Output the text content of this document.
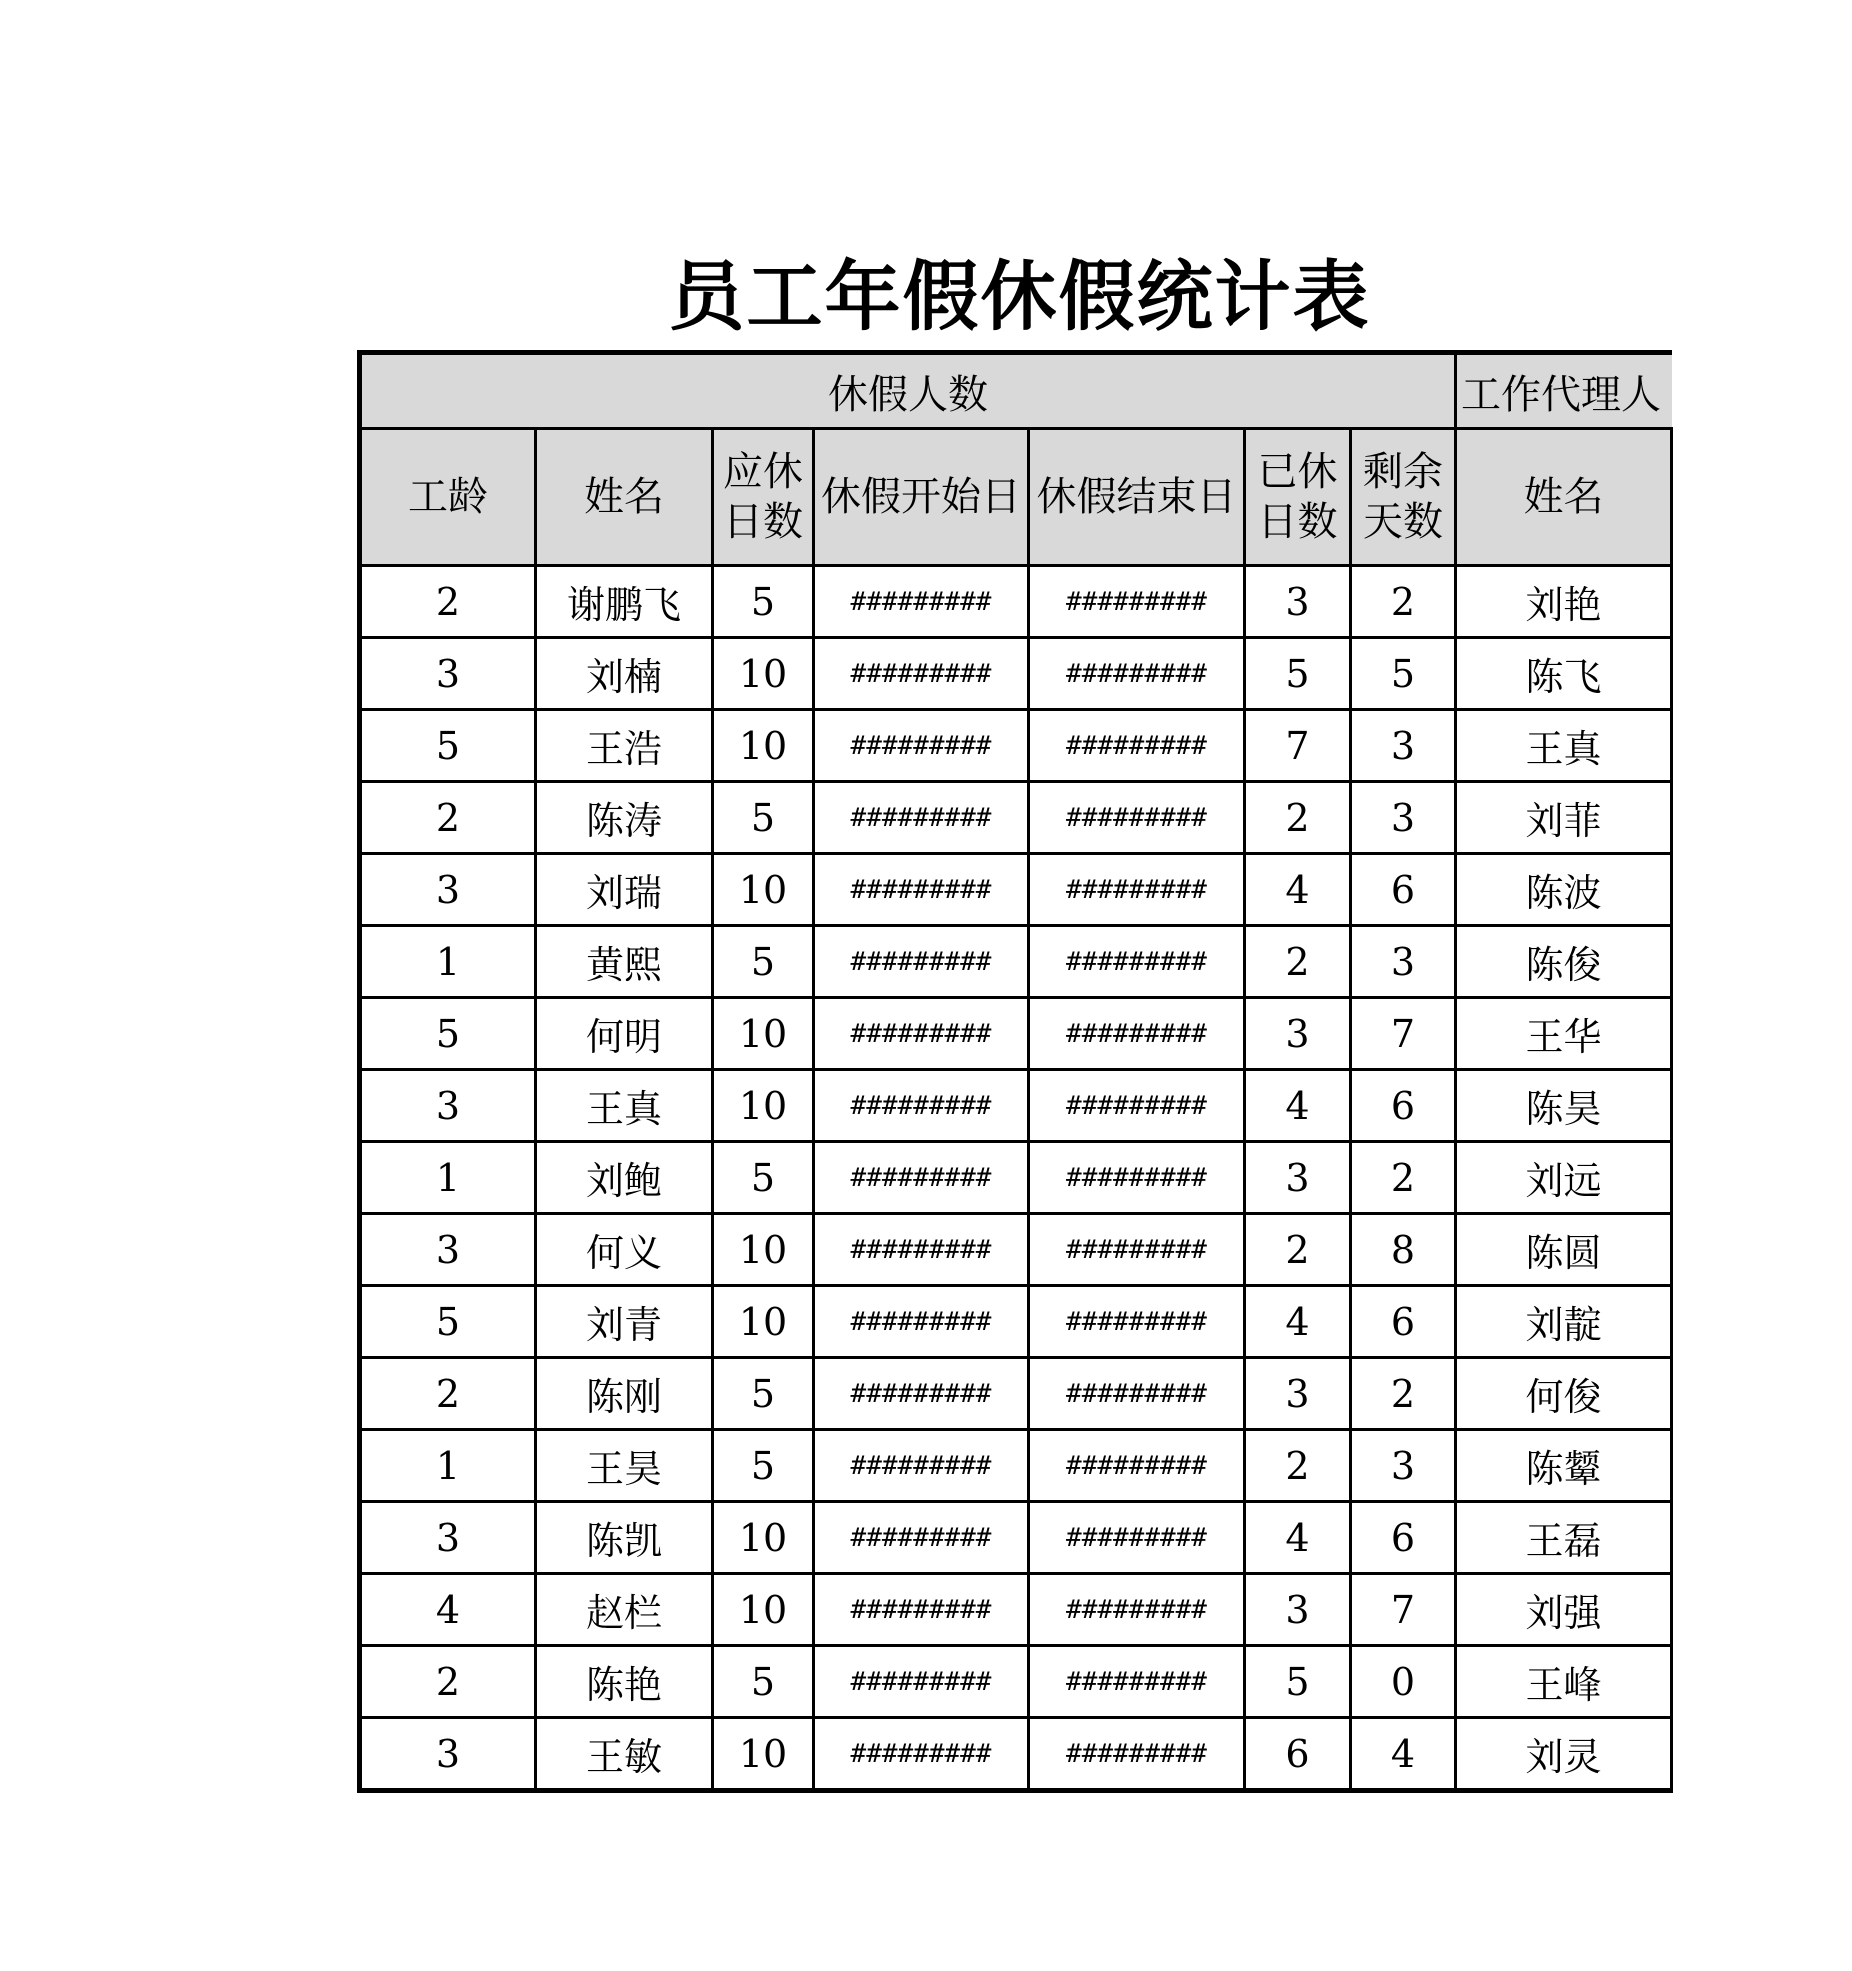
员工年假休假统计表
休假人数							工作代理人
工龄	姓名	应休日数	休假开始日	休假结束日	已休日数	剩余天数	姓名
2	谢鹏飞	5	#########	#########	3	2	刘艳
3	刘楠	10	#########	#########	5	5	陈飞
5	王浩	10	#########	#########	7	3	王真
2	陈涛	5	#########	#########	2	3	刘菲
3	刘瑞	10	#########	#########	4	6	陈波
1	黄熙	5	#########	#########	2	3	陈俊
5	何明	10	#########	#########	3	7	王华
3	王真	10	#########	#########	4	6	陈昊
1	刘鲍	5	#########	#########	3	2	刘远
3	何义	10	#########	#########	2	8	陈圆
5	刘青	10	#########	#########	4	6	刘靛
2	陈刚	5	#########	#########	3	2	何俊
1	王昊	5	#########	#########	2	3	陈颦
3	陈凯	10	#########	#########	4	6	王磊
4	赵栏	10	#########	#########	3	7	刘强
2	陈艳	5	#########	#########	5	0	王峰
3	王敏	10	#########	#########	6	4	刘灵
